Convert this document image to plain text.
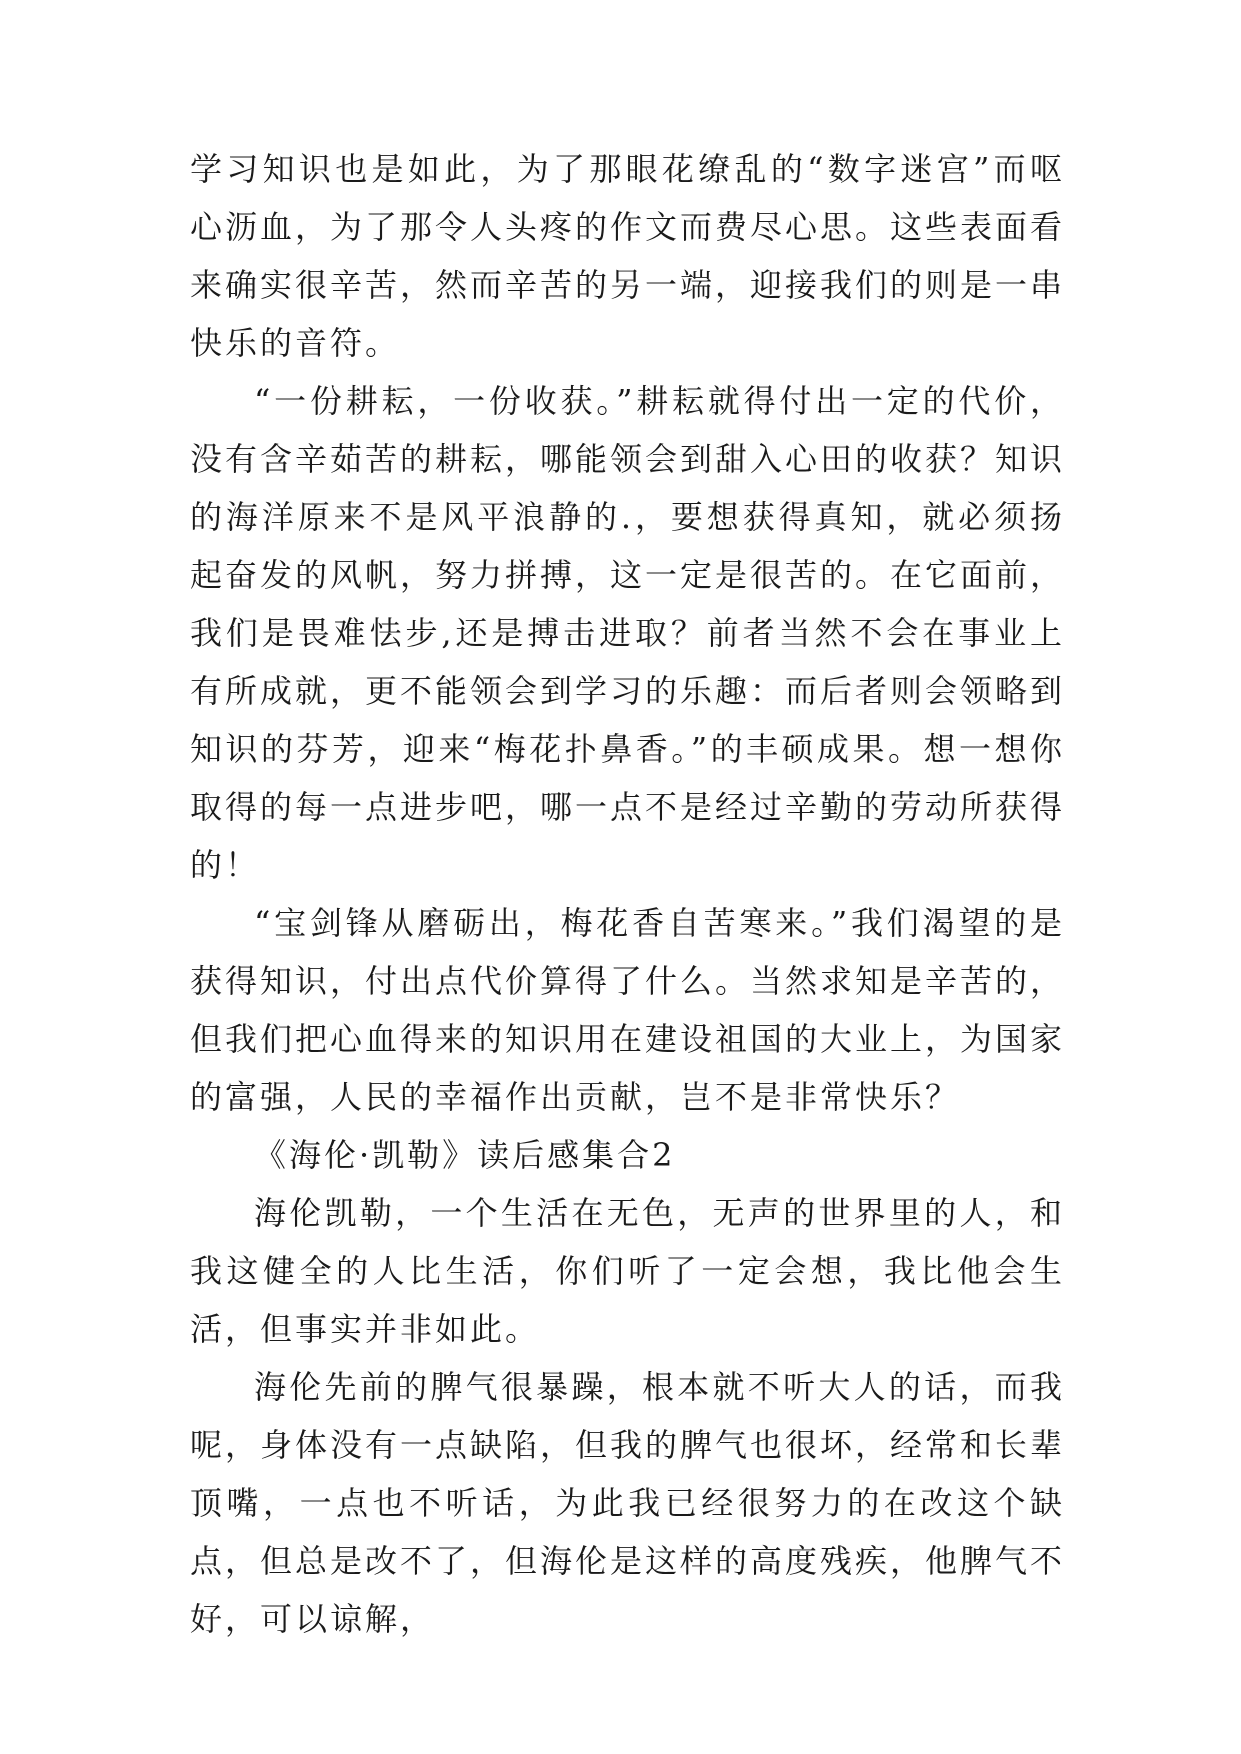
学习知识也是如此，为了那眼花缭乱的“数字迷宫”而呕心沥血，为了那令人头疼的作文而费尽心思。这些表面看来确实很辛苦，然而辛苦的另一端，迎接我们的则是一串快乐的音符。

“一份耕耘，一份收获。”耕耘就得付出一定的代价，没有含辛茹苦的耕耘，哪能领会到甜入心田的收获？知识的海洋原来不是风平浪静的.，要想获得真知，就必须扬起奋发的风帆，努力拼搏，这一定是很苦的。在它面前，我们是畏难怯步,还是搏击进取？前者当然不会在事业上有所成就，更不能领会到学习的乐趣：而后者则会领略到知识的芬芳，迎来“梅花扑鼻香。”的丰硕成果。想一想你取得的每一点进步吧，哪一点不是经过辛勤的劳动所获得的！

“宝剑锋从磨砺出，梅花香自苦寒来。”我们渴望的是获得知识，付出点代价算得了什么。当然求知是辛苦的，但我们把心血得来的知识用在建设祖国的大业上，为国家的富强，人民的幸福作出贡献，岂不是非常快乐？

《海伦·凯勒》读后感集合2

海伦凯勒，一个生活在无色，无声的世界里的人，和我这健全的人比生活，你们听了一定会想，我比他会生活，但事实并非如此。

海伦先前的脾气很暴躁，根本就不听大人的话，而我呢，身体没有一点缺陷，但我的脾气也很坏，经常和长辈顶嘴，一点也不听话，为此我已经很努力的在改这个缺点，但总是改不了，但海伦是这样的高度残疾，他脾气不好，可以谅解，
